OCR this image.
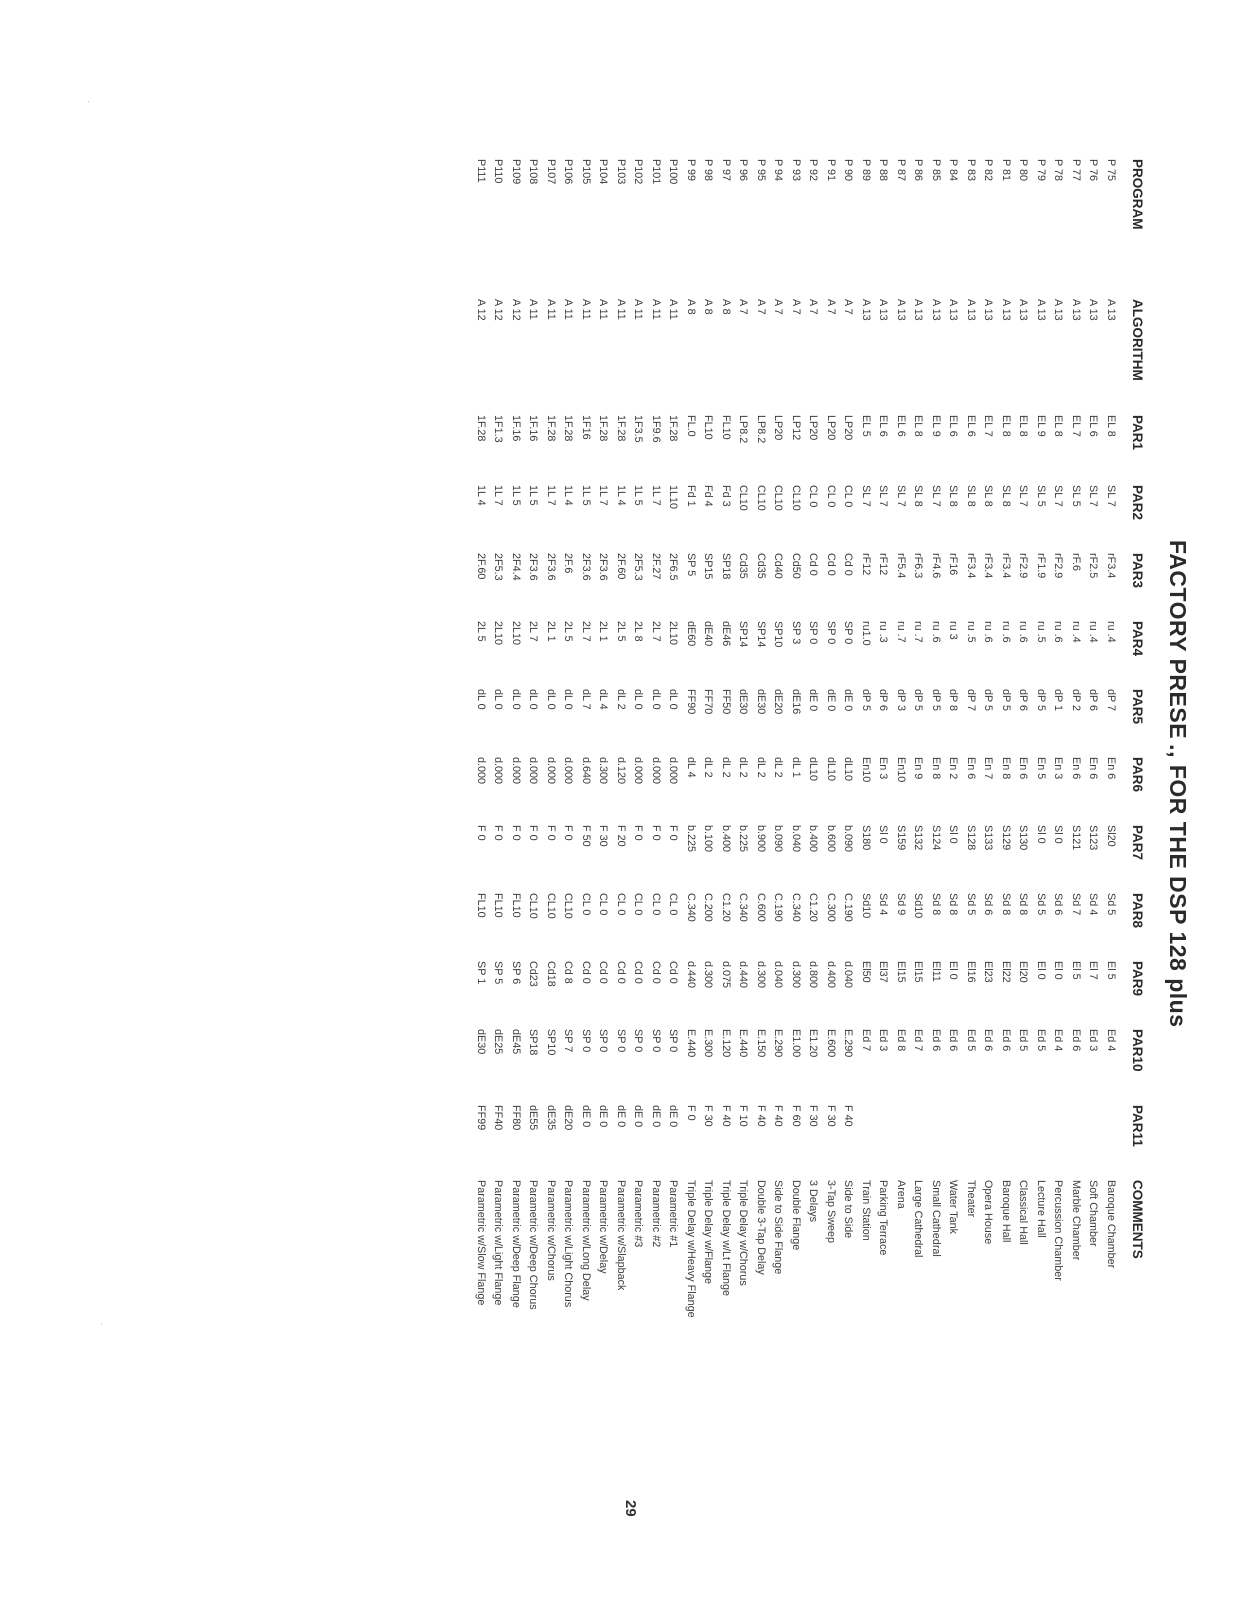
FACTORY PRESE ., FOR THE DSP 128 plus
PROGRAM	ALGORITHM	PAR1	PAR2	PAR3	PAR4	PAR5	PAR6	PAR7	PAR8	PAR9	PAR10	PAR11	COMMENTS
P 75	A 13	EL 8	SL 7	rF3.4	ru .4	dP 7	En 6	Sl20	Sd 5	El 5	Ed 4		Baroque Chamber
P 76	A 13	EL 6	SL 7	rF2.5	ru .4	dP 6	En 6	S123	Sd 4	El 7	Ed 3		Soft Chamber
P 77	A 13	EL 7	SL 5	rF.6	ru .4	dP 2	En 6	S121	Sd 7	El 5	Ed 6		Marble Chamber
P 78	A 13	EL 8	SL 7	rF2.9	ru .6	dP 1	En 3	Sl 0	Sd 6	El 0	Ed 4		Percussion Chamber
P 79	A 13	EL 9	SL 5	rF1.9	ru .5	dP 5	En 5	Sl 0	Sd 5	El 0	Ed 5		Lecture Hall
P 80	A 13	EL 8	SL 7	rF2.9	ru .6	dP 6	En 6	S130	Sd 8	El20	Ed 5		Classical Hall
P 81	A 13	EL 8	SL 8	rF3.4	ru .6	dP 5	En 8	S129	Sd 8	El22	Ed 6		Baroque Hall
P 82	A 13	EL 7	SL 8	rF3.4	ru .6	dP 5	En 7	S133	Sd 6	El23	Ed 6		Opera House
P 83	A 13	EL 6	SL 8	rF3.4	ru .5	dP 7	En 6	S128	Sd 5	El16	Ed 5		Theater
P 84	A 13	EL 6	SL 8	rF16	ru 3	dP 8	En 2	Sl 0	Sd 8	El 0	Ed 6		Water Tank
P 85	A 13	EL 9	SL 7	rF4.6	ru .6	dP 5	En 8	S124	Sd 8	El11	Ed 6		Small Cathedral
P 86	A 13	EL 8	SL 8	rF6.3	ru .7	dP 5	En 9	S132	Sd10	El15	Ed 7		Large Cathedral
P 87	A 13	EL 6	SL 7	rF5.4	ru .7	dP 3	En10	S159	Sd 9	El15	Ed 8		Arena
P 88	A 13	EL 6	SL 7	rF12	ru .3	dP 6	En 3	Sl 0	Sd 4	El37	Ed 3		Parking Terrace
P 89	A 13	EL 5	SL 7	rF12	ru1.0	dP 5	En10	S180	Sd10	El50	Ed 7		Train Station
P 90	A 7	LP20	CL 0	Cd 0	SP 0	dE 0	dL10	b.090	C.190	d.040	E.290	F 40	Side to Side
P 91	A 7	LP20	CL 0	Cd 0	SP 0	dE 0	dL10	b.600	C.300	d.400	E.600	F 30	3-Tap Sweep
P 92	A 7	LP20	CL 0	Cd 0	SP 0	dE 0	dL10	b.400	C1.20	d.800	E1.20	F 30	3 Delays
P 93	A 7	LP12	CL10	Cd50	SP 3	dE16	dL 1	b.040	C.340	d.300	E1.00	F 60	Double Flange
P 94	A 7	LP20	CL10	Cd40	SP10	dE20	dL 2	b.090	C.190	d.040	E.290	F 40	Side to Side Flange
P 95	A 7	LP8.2	CL10	Cd35	SP14	dE30	dL 2	b.900	C.600	d.300	E.150	F 40	Double 3-Tap Delay
P 96	A 7	LP8.2	CL10	Cd35	SP14	dE30	dL 2	b.225	C.340	d.440	E.440	F 10	Triple Delay w/Chorus
P 97	A 8	FL10	Fd 3	SP18	dE46	FF50	dL 2	b.400	C1.20	d.075	E.120	F 40	Triple Delay w/Lt Flange
P 98	A 8	FL10	Fd 4	SP15	dE40	FF70	dL 2	b.100	C.200	d.300	E.300	F 30	Triple Delay w/Flange
P 99	A 8	FL.0	Fd 1	SP 5	dE60	FF90	dL 4	b.225	C.340	d.440	E.440	F 0	Triple Delay w/Heavy Flange
P100	A 11	1F.28	1L10	2F6.5	2L10	dL 0	d.000	F 0	CL 0	Cd 0	SP 0	dE 0	Parametric #1
P101	A 11	1F9.6	1L 7	2F.27	2L 7	dL 0	d.000	F 0	CL 0	Cd 0	SP 0	dE 0	Parametric #2
P102	A 11	1F3.5	1L 5	2F5.3	2L 8	dL 0	d.000	F 0	CL 0	Cd 0	SP 0	dE 0	Parametric #3
P103	A 11	1F.28	1L 4	2F.60	2L 5	dL 2	d.120	F 20	CL 0	Cd 0	SP 0	dE 0	Parametric w/Slapback
P104	A 11	1F.28	1L 7	2F3.6	2L 1	dL 4	d.300	F 30	CL 0	Cd 0	SP 0	dE 0	Parametric w/Delay
P105	A 11	1F16	1L 5	2F3.6	2L 7	dL 7	d.640	F 50	CL 0	Cd 0	SP 0	dE 0	Parametric w/Long Delay
P106	A 11	1F.28	1L 4	2F.6	2L 5	dL 0	d.000	F 0	CL10	Cd 8	SP 7	dE20	Parametric w/Light Chorus
P107	A 11	1F.28	1L 7	2F3.6	2L 1	dL 0	d.000	F 0	CL10	Cd18	SP10	dE35	Parametric w/Chorus
P108	A 11	1F.16	1L 5	2F3.6	2L 7	dL 0	d.000	F 0	CL10	Cd23	SP18	dE55	Parametric w/Deep Chorus
P109	A 12	1F.16	1L 5	2F4.4	2L10	dL 0	d.000	F 0	FL10	SP 6	dE45	FF80	Parametric w/Deep Flange
P110	A 12	1F1.3	1L 7	2F5.3	2L10	dL 0	d.000	F 0	FL10	SP 5	dE25	FF40	Parametric w/Light Flange
P111	A 12	1F.28	1L 4	2F.60	2L 5	dL 0	d.000	F 0	FL10	SP 1	dE30	FF99	Parametric w/Slow Flange
29
·
·
